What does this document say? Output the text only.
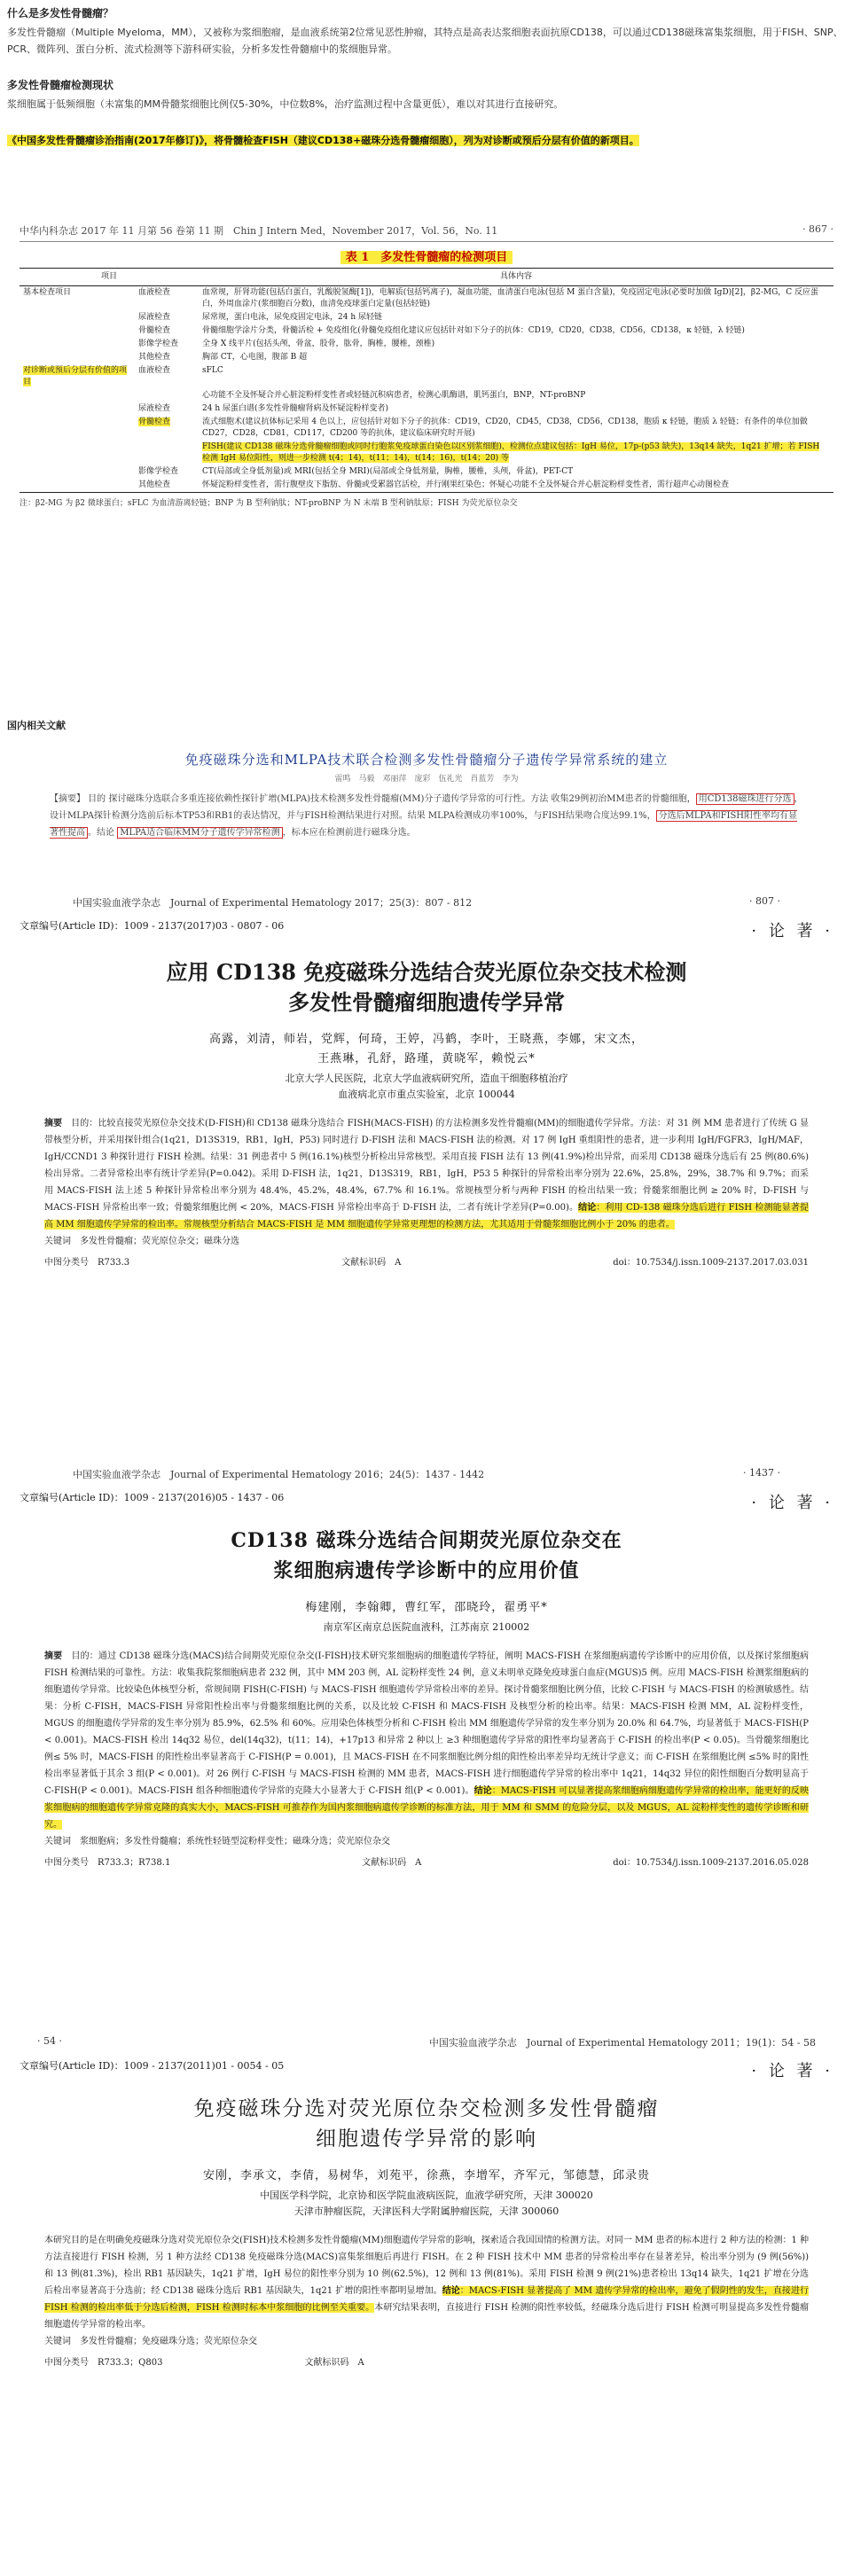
什么是多发性骨髓瘤？
多发性骨髓瘤（Multiple Myeloma，MM），又被称为浆细胞瘤，是血液系统第2位常见恶性肿瘤，其特点是高表达浆细胞表面抗原CD138，可以通过CD138磁珠富集浆细胞，用于FISH、SNP、PCR、微阵列、蛋白分析、流式检测等下游科研实验，分析多发性骨髓瘤中的浆细胞异常。
多发性骨髓瘤检测现状
浆细胞属于低频细胞（未富集的MM骨髓浆细胞比例仅5-30%，中位数8%，治疗监测过程中含量更低），难以对其进行直接研究。
《中国多发性骨髓瘤诊治指南(2017年修订)》，将骨髓检查FISH（建议CD138+磁珠分选骨髓瘤细胞），列为对诊断或预后分层有价值的新项目。
中华内科杂志 2017 年 11 月第 56 卷第 11 期　Chin J Intern Med，November 2017，Vol. 56，No. 11	· 867 ·
表 1　 多发性骨髓瘤的检测项目
项目		具体内容
基本检查项目	血液检查	血常规，肝肾功能(包括白蛋白，乳酸脱氢酶[1])，电解质(包括钙离子)，凝血功能，血清蛋白电泳(包括 M 蛋白含量)，免疫固定电泳(必要时加做 IgD)[2]，β2-MG，C 反应蛋白，外周血涂片(浆细胞百分数)，血清免疫球蛋白定量(包括轻链)
	尿液检查	尿常规，蛋白电泳，尿免疫固定电泳，24 h 尿轻链
	骨髓检查	骨髓细胞学涂片分类，骨髓活检 + 免疫组化(骨髓免疫组化建议应包括针对如下分子的抗体：CD19，CD20，CD38，CD56，CD138，κ 轻链，λ 轻链)
	影像学检查	全身 X 线平片(包括头颅，骨盆，股骨，肱骨，胸椎，腰椎，颈椎)
	其他检查	胸部 CT，心电图，腹部 B 超
对诊断或预后分层有价值的项目	血液检查	sFLC
		心功能不全及怀疑合并心脏淀粉样变性者或轻链沉积病患者，检测心肌酶谱，肌钙蛋白，BNP，NT-proBNP
	尿液检查	24 h 尿蛋白谱(多发性骨髓瘤肾病及怀疑淀粉样变者)
	骨髓检查	流式细胞术(建议抗体标记采用 4 色以上，应包括针对如下分子的抗体：CD19，CD20，CD45，CD38，CD56，CD138，胞质 κ 轻链，胞质 λ 轻链；有条件的单位加做 CD27，CD28，CD81，CD117，CD200 等的抗体，建议临床研究时开展)
		FISH(建议 CD138 磁珠分选骨髓瘤细胞或同时行胞浆免疫球蛋白染色以区别浆细胞)，检测位点建议包括：IgH 易位，17p-(p53 缺失)，13q14 缺失，1q21 扩增；若 FISH 检测 IgH 易位阳性，则进一步检测 t(4；14)，t(11；14)，t(14；16)，t(14；20) 等
	影像学检查	CT(局部或全身低剂量)或 MRI(包括全身 MRI)(局部或全身低剂量，胸椎，腰椎，头颅，骨盆)，PET-CT
	其他检查	怀疑淀粉样变性者，需行腹壁皮下脂肪、骨髓或受累器官活检，并行刚果红染色；怀疑心功能不全及怀疑合并心脏淀粉样变性者，需行超声心动图检查
注：β2-MG 为 β2 微球蛋白；sFLC 为血清游离轻链；BNP 为 B 型利钠肽；NT-proBNP 为 N 末端 B 型利钠肽原；FISH 为荧光原位杂交
国内相关文献
免疫磁珠分选和MLPA技术联合检测多发性骨髓瘤分子遗传学异常系统的建立
雷鸣　马毅　邓丽萍　庞彩　伍礼光　肖蓝芳　李为
【摘要】 目的 探讨磁珠分选联合多重连接依赖性探针扩增(MLPA)技术检测多发性骨髓瘤(MM)分子遗传学异常的可行性。方法 收集29例初治MM患者的骨髓细胞， 用CD138磁珠进行分选 ，设计MLPA探针检测分选前后标本TP53和RB1的表达情况，并与FISH检测结果进行对照。结果 MLPA检测成功率100%，与FISH结果吻合度达99.1%， 分选后MLPA和FISH阳性率均有显著性提高 。结论 MLPA适合临床MM分子遗传学异常检测 ，标本应在检测前进行磁珠分选。
中国实验血液学杂志　Journal of Experimental Hematology 2017；25(3)：807 - 812	· 807 ·
文章编号(Article ID)：1009 - 2137(2017)03 - 0807 - 06	· 论 著 ·
应用 CD138 免疫磁珠分选结合荧光原位杂交技术检测
多发性骨髓瘤细胞遗传学异常
高露，刘清，师岩，党辉，何琦，王婷，冯鹤，李叶，王晓燕，李娜，宋文杰，
王燕琳，孔舒，路瑾，黄晓军，赖悦云*
北京大学人民医院，北京大学血液病研究所，造血干细胞移植治疗
血液病北京市重点实验室，北京 100044
摘要　 目的：比较直接荧光原位杂交技术(D-FISH)和 CD138 磁珠分选结合 FISH(MACS-FISH) 的方法检测多发性骨髓瘤(MM)的细胞遗传学异常。方法：对 31 例 MM 患者进行了传统 G 显带核型分析，并采用探针组合(1q21，D13S319，RB1，IgH，P53) 同时进行 D-FISH 法和 MACS-FISH 法的检测。对 17 例 IgH 重组阳性的患者，进一步利用 IgH/FGFR3，IgH/MAF，IgH/CCND1 3 种探针进行 FISH 检测。结果：31 例患者中 5 例(16.1%)核型分析检出异常核型。采用直接 FISH 法有 13 例(41.9%)检出异常，而采用 CD138 磁珠分选后有 25 例(80.6%)检出异常。二者异常检出率有统计学差异(P=0.042)。采用 D-FISH 法，1q21，D13S319，RB1，IgH，P53 5 种探针的异常检出率分别为 22.6%，25.8%，29%，38.7% 和 9.7%；而采用 MACS-FISH 法上述 5 种探针异常检出率分别为 48.4%，45.2%，48.4%，67.7% 和 16.1%。常规核型分析与两种 FISH 的检出结果一致；骨髓浆细胞比例 ≥ 20% 时，D-FISH 与 MACS-FISH 异常检出率一致；骨髓浆细胞比例 < 20%，MACS-FISH 异常检出率高于 D-FISH 法，二者有统计学差异(P=0.00)。结论：利用 CD-138 磁珠分选后进行 FISH 检测能显著提高 MM 细胞遗传学异常的检出率。常规核型分析结合 MACS-FISH 是 MM 细胞遗传学异常更理想的检测方法，尤其适用于骨髓浆细胞比例小于 20% 的患者。
关键词　多发性骨髓瘤；荧光原位杂交；磁珠分选
中图分类号　R733.3	文献标识码　A	doi：10.7534/j.issn.1009-2137.2017.03.031
中国实验血液学杂志　Journal of Experimental Hematology 2016；24(5)：1437 - 1442	· 1437 ·
文章编号(Article ID)：1009 - 2137(2016)05 - 1437 - 06	· 论 著 ·
CD138 磁珠分选结合间期荧光原位杂交在
浆细胞病遗传学诊断中的应用价值
梅建刚，李翰卿，曹红军，邵晓玲，翟勇平*
南京军区南京总医院血液科，江苏南京 210002
摘要　 目的：通过 CD138 磁珠分选(MACS)结合间期荧光原位杂交(I-FISH)技术研究浆细胞病的细胞遗传学特征，阐明 MACS-FISH 在浆细胞病遗传学诊断中的应用价值，以及探讨浆细胞病 FISH 检测结果的可靠性。方法：收集我院浆细胞病患者 232 例，其中 MM 203 例，AL 淀粉样变性 24 例，意义未明单克隆免疫球蛋白血症(MGUS)5 例。应用 MACS-FISH 检测浆细胞病的细胞遗传学异常。比较染色体核型分析，常规间期 FISH(C-FISH) 与 MACS-FISH 细胞遗传学异常检出率的差异。探讨骨髓浆细胞比例分值，比较 C-FISH 与 MACS-FISH 的检测敏感性。结果：分析 C-FISH，MACS-FISH 异常阳性检出率与骨髓浆细胞比例的关系，以及比较 C-FISH 和 MACS-FISH 及核型分析的检出率。结果：MACS-FISH 检测 MM，AL 淀粉样变性，MGUS 的细胞遗传学异常的发生率分别为 85.9%，62.5% 和 60%。应用染色体核型分析和 C-FISH 检出 MM 细胞遗传学异常的发生率分别为 20.0% 和 64.7%，均显著低于 MACS-FISH(P < 0.001)。MACS-FISH 检出 14q32 易位，del(14q32)，t(11；14)，+17p13 和异常 2 种以上 ≥3 种细胞遗传学异常的阳性率均显著高于 C-FISH 的检出率(P < 0.05)。当骨髓浆细胞比例≤ 5% 时，MACS-FISH 的阳性检出率显著高于 C-FISH(P = 0.001)，且 MACS-FISH 在不同浆细胞比例分组的阳性检出率差异均无统计学意义；而 C-FISH 在浆细胞比例 ≤5% 时的阳性检出率显著低于其余 3 组(P < 0.001)。对 26 例行 C-FISH 与 MACS-FISH 检测的 MM 患者，MACS-FISH 进行细胞遗传学异常的检出率中 1q21，14q32 异位的阳性细胞百分数明显高于 C-FISH(P < 0.001)。MACS-FISH 组各种细胞遗传学异常的克隆大小显著大于 C-FISH 组(P < 0.001)。结论：MACS-FISH 可以显著提高浆细胞病细胞遗传学异常的检出率，能更好的反映浆细胞病的细胞遗传学异常克隆的真实大小，MACS-FISH 可推荐作为国内浆细胞病遗传学诊断的标准方法，用于 MM 和 SMM 的危险分层，以及 MGUS，AL 淀粉样变性的遗传学诊断和研究。
关键词　浆细胞病；多发性骨髓瘤；系统性轻链型淀粉样变性；磁珠分选；荧光原位杂交
中图分类号　R733.3；R738.1	文献标识码　A	doi：10.7534/j.issn.1009-2137.2016.05.028
· 54 ·	中国实验血液学杂志　Journal of Experimental Hematology 2011；19(1)：54 - 58
文章编号(Article ID)：1009 - 2137(2011)01 - 0054 - 05	· 论 著 ·
免疫磁珠分选对荧光原位杂交检测多发性骨髓瘤
细胞遗传学异常的影响
安刚，李承文，李倩，易树华，刘苑平，徐燕，李增军，齐军元，邹德慧，邱录贵
中国医学科学院，北京协和医学院血液病医院，血液学研究所，天津 300020
天津市肿瘤医院，天津医科大学附属肿瘤医院，天津 300060
本研究目的是在明确免疫磁珠分选对荧光原位杂交(FISH)技术检测多发性骨髓瘤(MM)细胞遗传学异常的影响，探索适合我国国情的检测方法。对同一 MM 患者的标本进行 2 种方法的检测：1 种方法直接进行 FISH 检测，另 1 种方法经 CD138 免疫磁珠分选(MACS)富集浆细胞后再进行 FISH。在 2 种 FISH 技术中 MM 患者的异常检出率存在显著差异，检出率分别为 (9 例(56%)) 和 13 例(81.3%)，检出 RB1 基因缺失，1q21 扩增，IgH 易位的阳性率分别为 10 例(62.5%)，12 例和 13 例(81%)。采用 FISH 检测 9 例(21%)患者检出 13q14 缺失，1q21 扩增在分选后检出率显著高于分选前；经 CD138 磁珠分选后 RB1 基因缺失，1q21 扩增的阳性率都明显增加。结论：MACS-FISH 显著提高了 MM 遗传学异常的检出率，避免了假阴性的发生，直接进行 FISH 检测的检出率低于分选后检测，FISH 检测时标本中浆细胞的比例至关重要。本研究结果表明，直接进行 FISH 检测的阳性率较低，经磁珠分选后进行 FISH 检测可明显提高多发性骨髓瘤细胞遗传学异常的检出率。
关键词　多发性骨髓瘤；免疫磁珠分选；荧光原位杂交
中图分类号　R733.3；Q803	文献标识码　A
